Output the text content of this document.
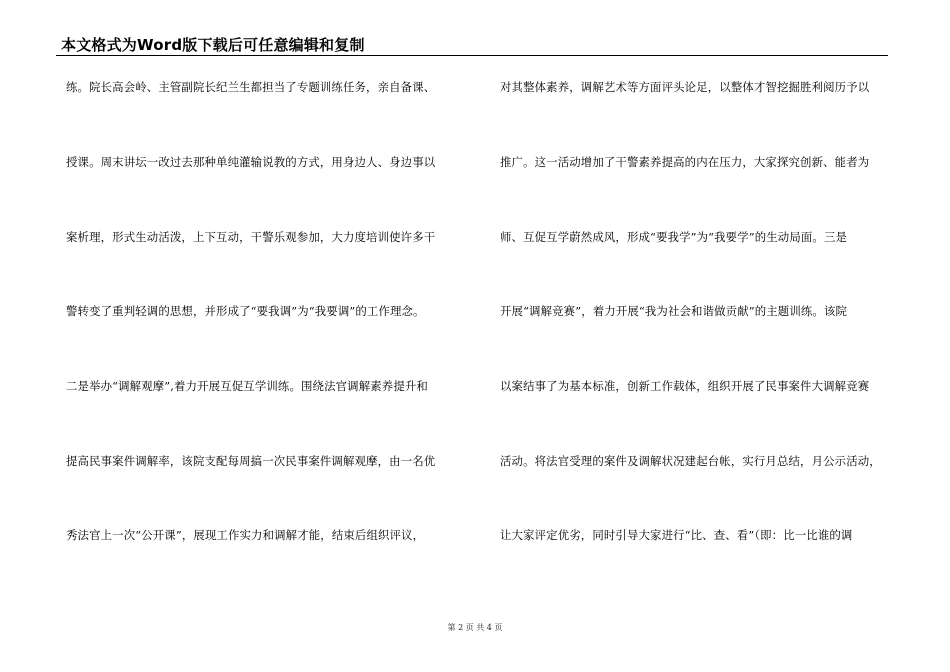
本文格式为Word版下载后可任意编辑和复制
练。院长高会岭、主管副院长纪兰生都担当了专题训练任务，亲自备课、
授课。周末讲坛一改过去那种单纯灌输说教的方式，用身边人、身边事以
案析理，形式生动活泼，上下互动，干警乐观参加，大力度培训使许多干
警转变了重判轻调的思想，并形成了“要我调”为“我要调”的工作理念。
二是举办“调解观摩”,着力开展互促互学训练。围绕法官调解素养提升和
提高民事案件调解率，该院支配每周搞一次民事案件调解观摩，由一名优
秀法官上一次“公开课”，展现工作实力和调解才能，结束后组织评议，
对其整体素养，调解艺术等方面评头论足，以整体才智挖掘胜利阅历予以
推广。这一活动增加了干警素养提高的内在压力，大家探究创新、能者为
师、互促互学蔚然成风，形成“要我学”为“我要学”的生动局面。三是
开展“调解竞赛”，着力开展“我为社会和谐做贡献”的主题训练。该院
以案结事了为基本标准，创新工作载体，组织开展了民事案件大调解竞赛
活动。将法官受理的案件及调解状况建起台帐，实行月总结，月公示活动，
让大家评定优劣，同时引导大家进行“比、查、看”（即：比一比谁的调
第 2 页 共 4 页
